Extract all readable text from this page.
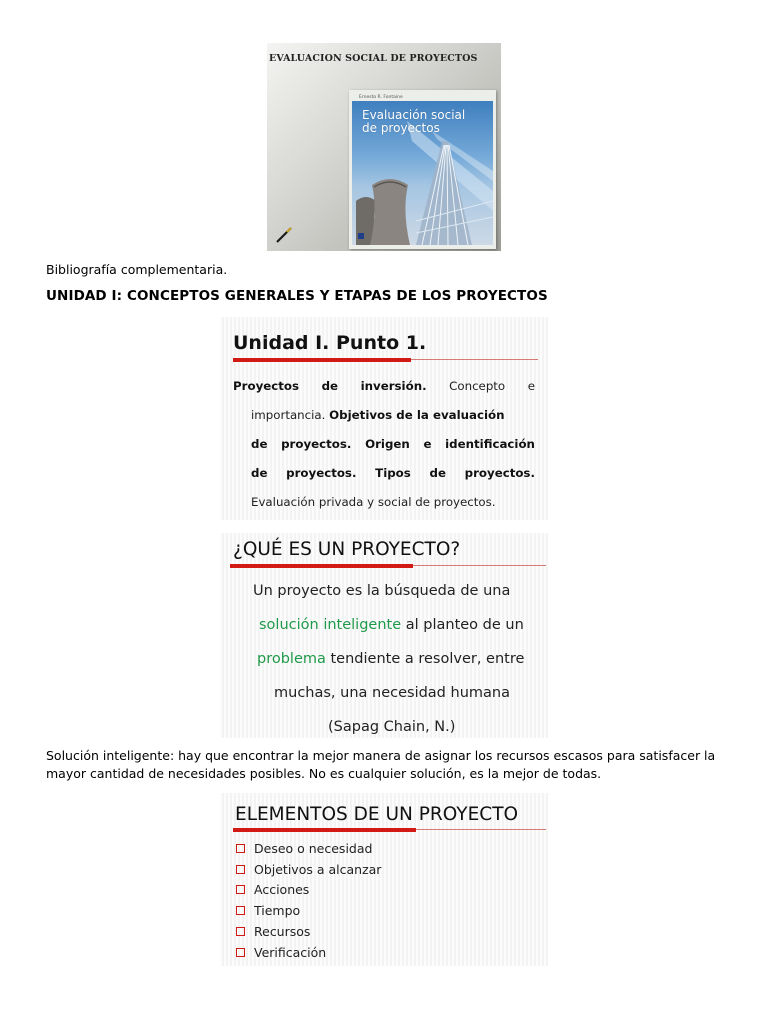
EVALUACION SOCIAL DE PROYECTOS
Ernesto R. Fontaine
Evaluación social
de proyectos
Bibliografía complementaria.
UNIDAD I: CONCEPTOS GENERALES Y ETAPAS DE LOS PROYECTOS
Unidad I. Punto 1.
Proyectos de inversión. Concepto e
importancia. Objetivos de la evaluación
de proyectos. Origen e identificación
de proyectos. Tipos de proyectos.
Evaluación privada y social de proyectos.
¿QUÉ ES UN PROYECTO?
Un proyecto es la búsqueda de una
solución inteligente al planteo de un
problema tendiente a resolver, entre
muchas, una necesidad humana
(Sapag Chain, N.)
Solución inteligente: hay que encontrar la mejor manera de asignar los recursos escasos para satisfacer la mayor cantidad de necesidades posibles. No es cualquier solución, es la mejor de todas.
ELEMENTOS DE UN PROYECTO
Deseo o necesidad
Objetivos a alcanzar
Acciones
Tiempo
Recursos
Verificación
